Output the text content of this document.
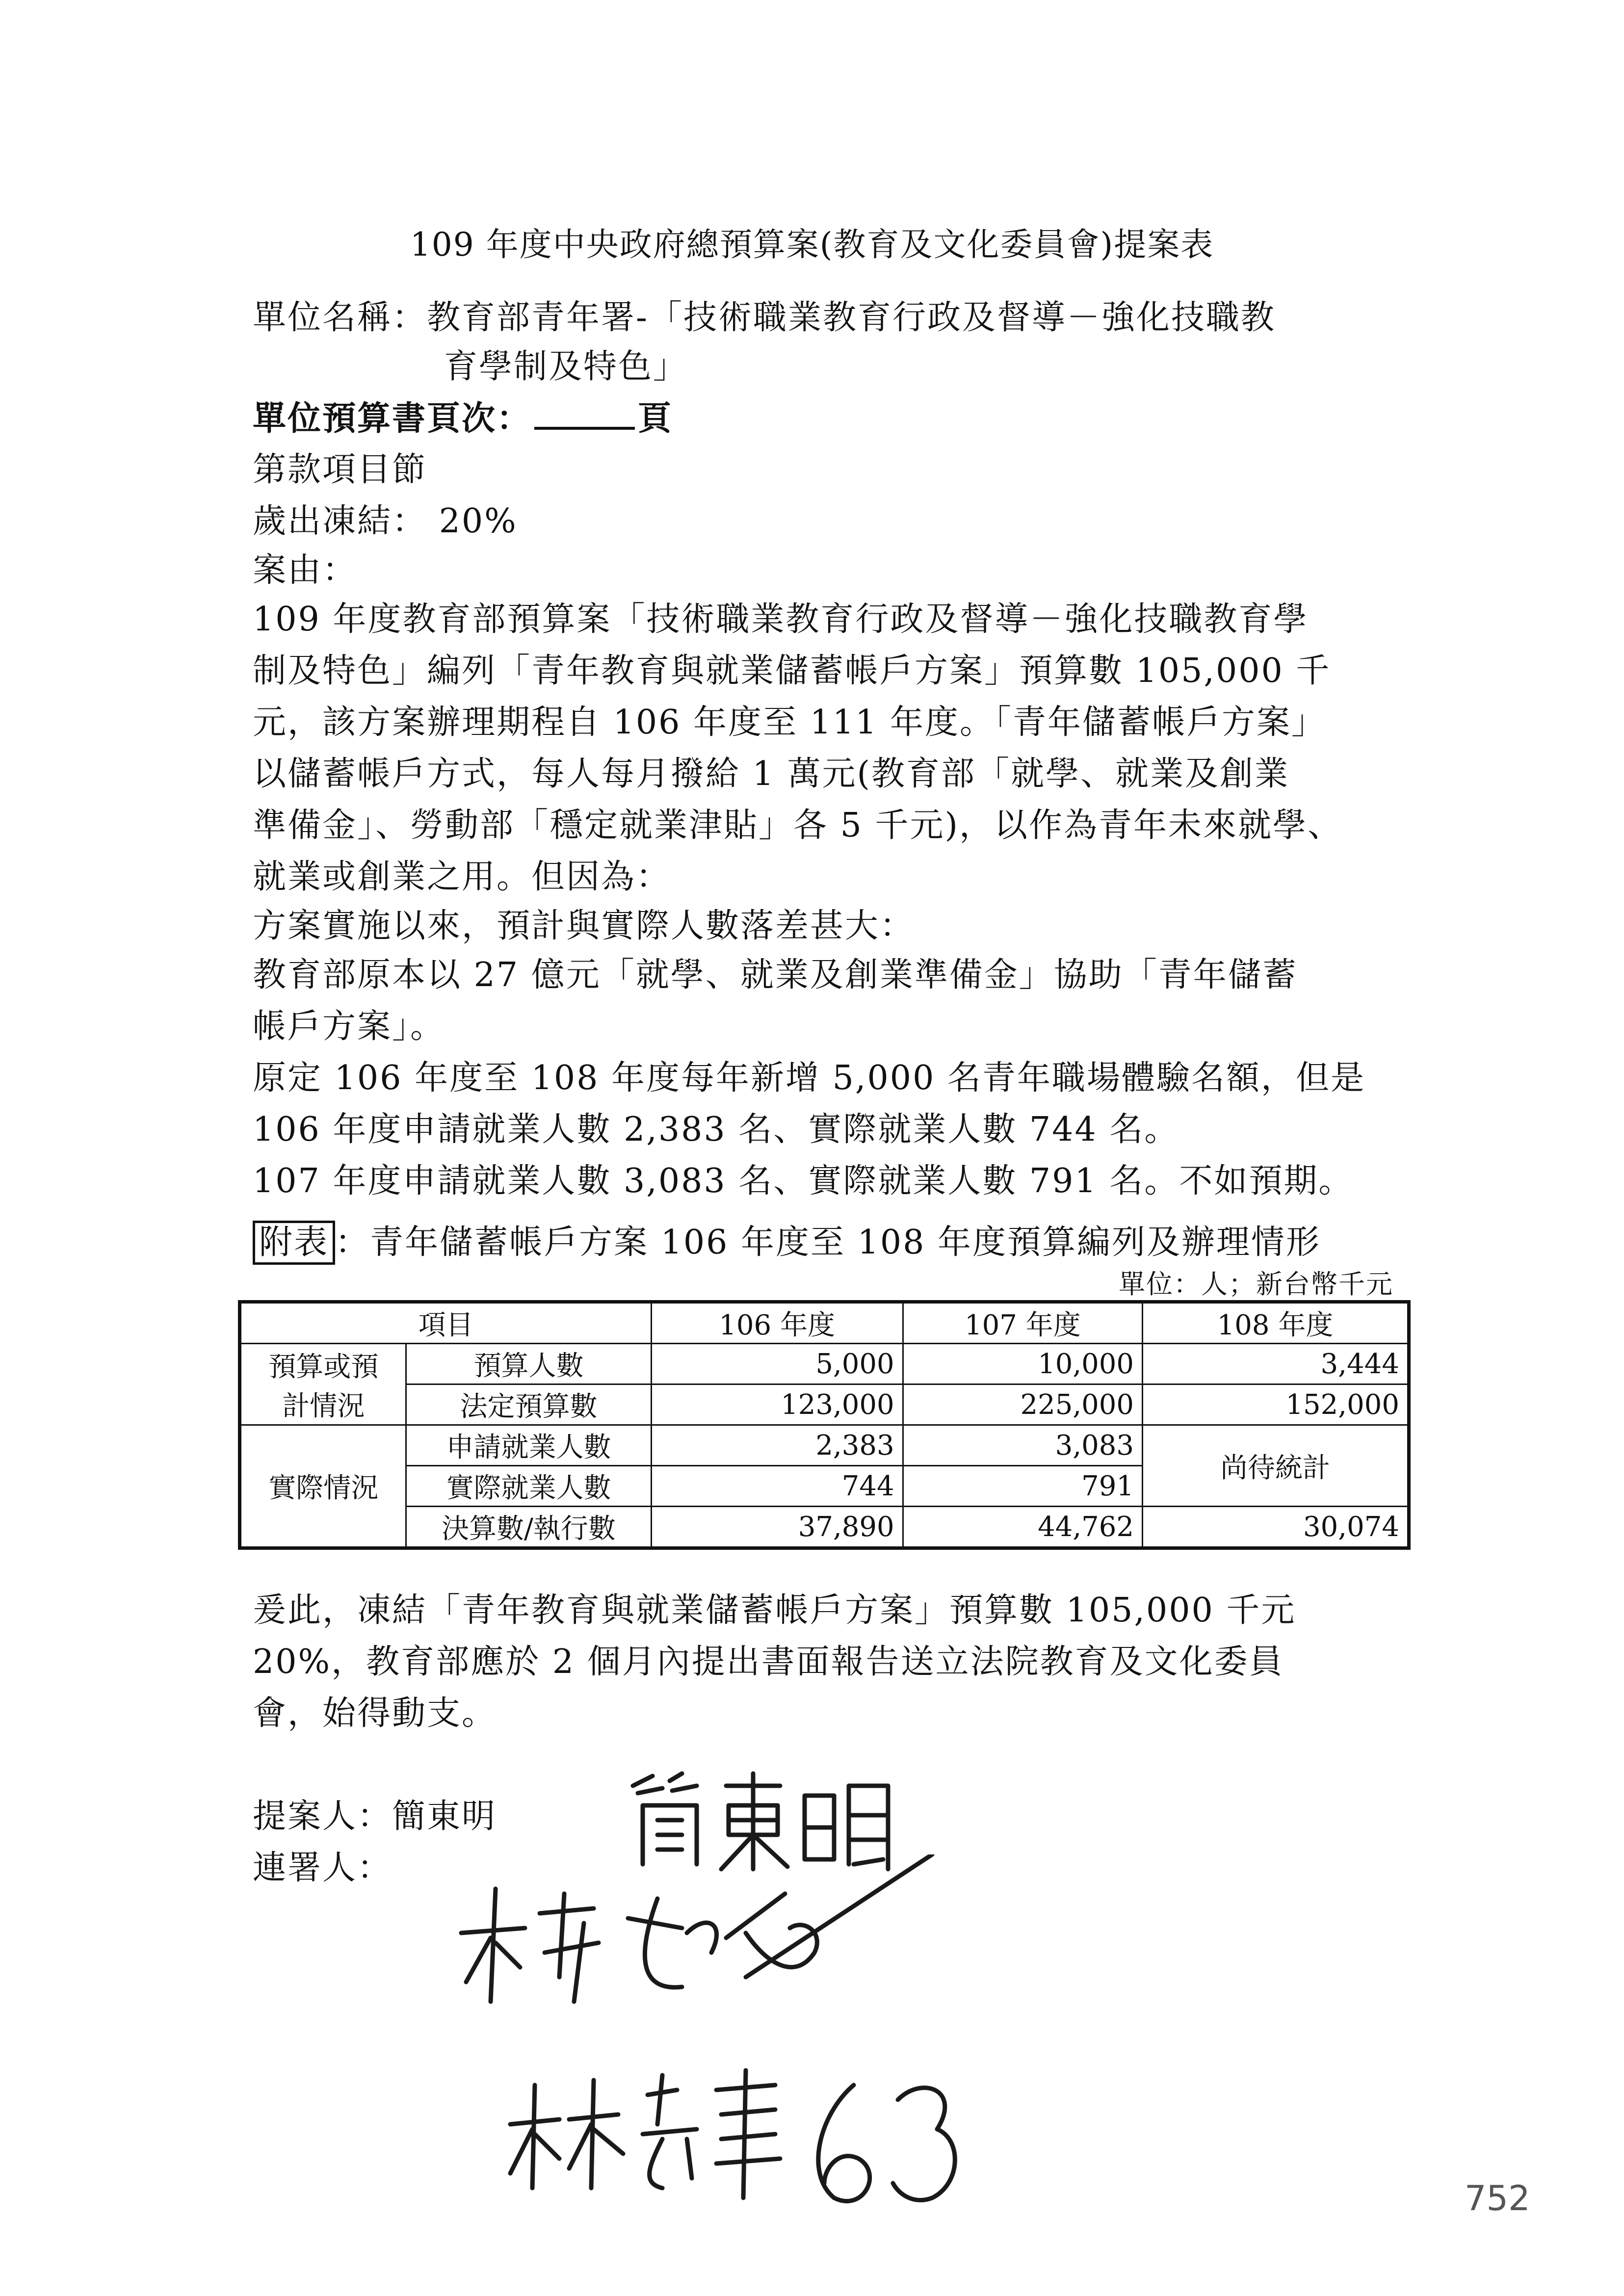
109 年度中央政府總預算案(教育及文化委員會)提案表
單位名稱：教育部青年署-「技術職業教育行政及督導－強化技職教
育學制及特色」
單位預算書頁次：	頁
第款項目節
歲出凍結： 20%
案由：
109 年度教育部預算案「技術職業教育行政及督導－強化技職教育學
制及特色」編列「青年教育與就業儲蓄帳戶方案」預算數 105,000 千
元，該方案辦理期程自 106 年度至 111 年度。「青年儲蓄帳戶方案」
以儲蓄帳戶方式，每人每月撥給 1 萬元(教育部「就學、就業及創業
準備金」、勞動部「穩定就業津貼」各 5 千元)，以作為青年未來就學、
就業或創業之用。但因為：
方案實施以來，預計與實際人數落差甚大：
教育部原本以 27 億元「就學、就業及創業準備金」協助「青年儲蓄
帳戶方案」。
原定 106 年度至 108 年度每年新增 5,000 名青年職場體驗名額，但是
106 年度申請就業人數 2,383 名、實際就業人數 744 名。
107 年度申請就業人數 3,083 名、實際就業人數 791 名。不如預期。
附表 ：青年儲蓄帳戶方案 106 年度至 108 年度預算編列及辦理情形
單位：人；新台幣千元
項目		106 年度	107 年度	108 年度

預算或預
計情況	預算人數	5,000	10,000	3,444
	法定預算數	123,000	225,000	152,000
實際情況	申請就業人數	2,383	3,083	尚待統計
	實際就業人數	744	791	
	決算數/執行數	37,890	44,762	30,074
爰此，凍結「青年教育與就業儲蓄帳戶方案」預算數 105,000 千元
20%，教育部應於 2 個月內提出書面報告送立法院教育及文化委員
會，始得動支。
提案人：簡東明
連署人：
752
